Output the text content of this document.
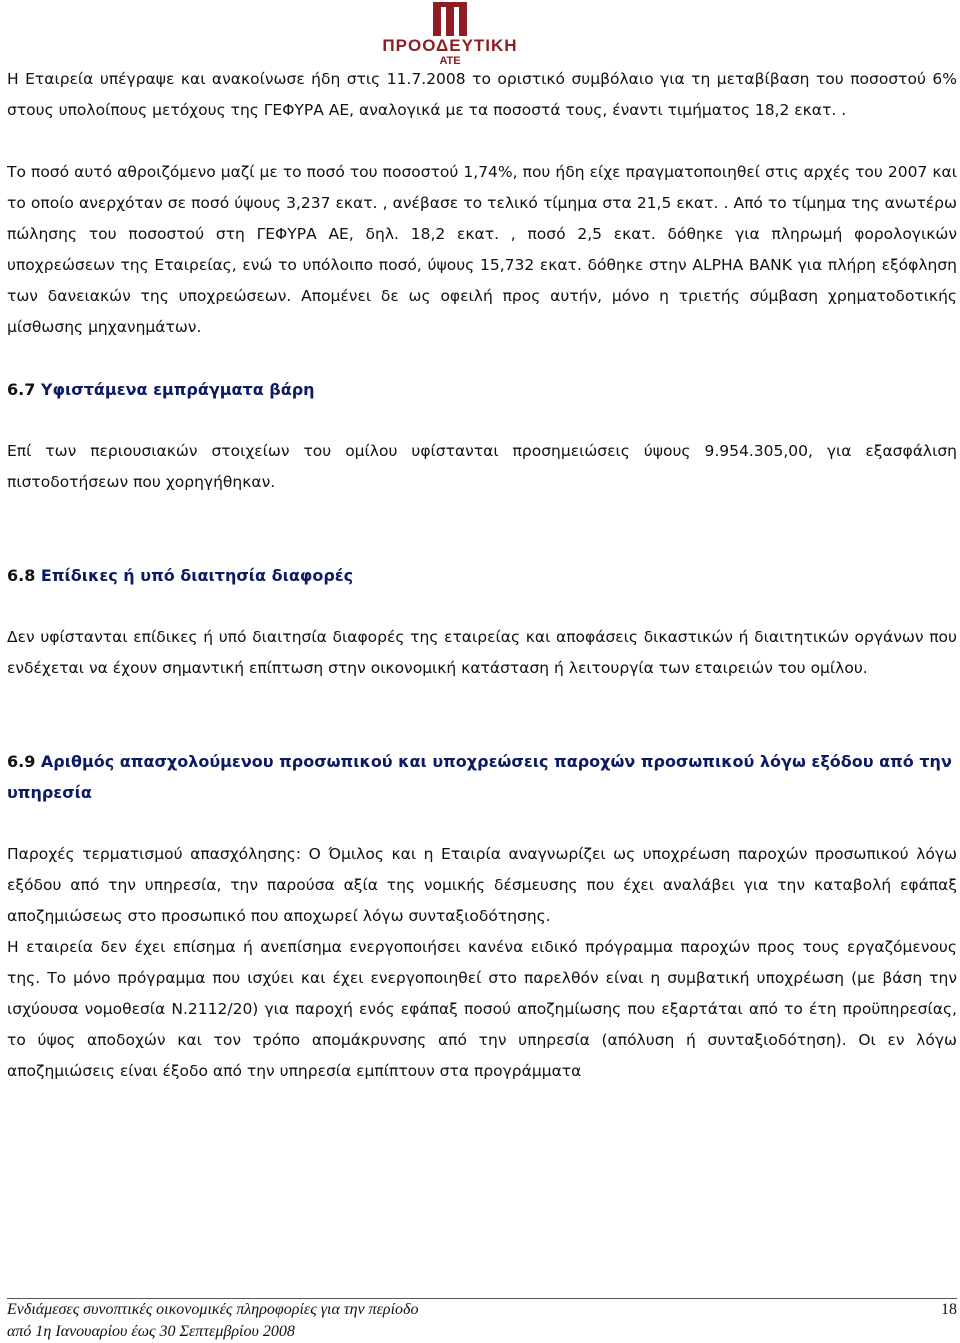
ΠΡΟΟΔΕΥΤΙΚΗ
ΑΤΕ

Η Εταιρεία υπέγραψε και ανακοίνωσε ήδη στις 11.7.2008 το οριστικό συμβόλαιο για τη μεταβίβαση του ποσοστού 6% στους υπολοίπους μετόχους της ΓΕΦΥΡΑ ΑΕ, αναλογικά με τα ποσοστά τους, έναντι τιμήματος 18,2 εκατ. .

Το ποσό αυτό αθροιζόμενο μαζί με το ποσό του ποσοστού 1,74%, που ήδη είχε πραγματοποιηθεί στις αρχές του 2007 και το οποίο ανερχόταν σε ποσό ύψους 3,237 εκατ. , ανέβασε το τελικό τίμημα στα 21,5 εκατ. . Από το τίμημα της ανωτέρω πώλησης του ποσοστού στη ΓΕΦΥΡΑ ΑΕ, δηλ. 18,2 εκατ. , ποσό 2,5 εκατ. δόθηκε για πληρωμή φορολογικών υποχρεώσεων της Εταιρείας, ενώ το υπόλοιπο ποσό, ύψους 15,732 εκατ. δόθηκε στην ALPHA BANK για πλήρη εξόφληση των δανειακών της υποχρεώσεων. Απομένει δε ως οφειλή προς αυτήν, μόνο η τριετής σύμβαση χρηματοδοτικής μίσθωσης μηχανημάτων.

6.7 Υφιστάμενα εμπράγματα βάρη

Επί των περιουσιακών στοιχείων του ομίλου υφίστανται προσημειώσεις ύψους 9.954.305,00, για εξασφάλιση πιστοδοτήσεων που χορηγήθηκαν.

6.8 Επίδικες ή υπό διαιτησία διαφορές

Δεν υφίστανται επίδικες ή υπό διαιτησία διαφορές της εταιρείας και αποφάσεις δικαστικών ή διαιτητικών οργάνων που ενδέχεται να έχουν σημαντική επίπτωση στην οικονομική κατάσταση ή λειτουργία των εταιρειών του ομίλου.

6.9 Αριθμός απασχολούμενου προσωπικού και υποχρεώσεις παροχών προσωπικού λόγω εξόδου από την υπηρεσία

Παροχές τερματισμού απασχόλησης: Ο Όμιλος και η Εταιρία αναγνωρίζει ως υποχρέωση παροχών προσωπικού λόγω εξόδου από την υπηρεσία, την παρούσα αξία της νομικής δέσμευσης που έχει αναλάβει για την καταβολή εφάπαξ αποζημιώσεως στο προσωπικό που αποχωρεί λόγω συνταξιοδότησης.

Η εταιρεία δεν έχει επίσημα ή ανεπίσημα ενεργοποιήσει κανένα ειδικό πρόγραμμα παροχών προς τους εργαζόμενους της. Το μόνο πρόγραμμα που ισχύει και έχει ενεργοποιηθεί στο παρελθόν είναι η συμβατική υποχρέωση (με βάση την ισχύουσα νομοθεσία Ν.2112/20) για παροχή ενός εφάπαξ ποσού αποζημίωσης που εξαρτάται από το έτη προϋπηρεσίας, το ύψος αποδοχών και τον τρόπο απομάκρυνσης από την υπηρεσία (απόλυση ή συνταξιοδότηση). Οι εν λόγω αποζημιώσεις είναι έξοδο από την υπηρεσία εμπίπτουν στα προγράμματα

Ενδιάμεσες συνοπτικές οικονομικές πληροφορίες για την περίοδο
από 1η Ιανουαρίου έως 30 Σεπτεμβρίου 2008
18
